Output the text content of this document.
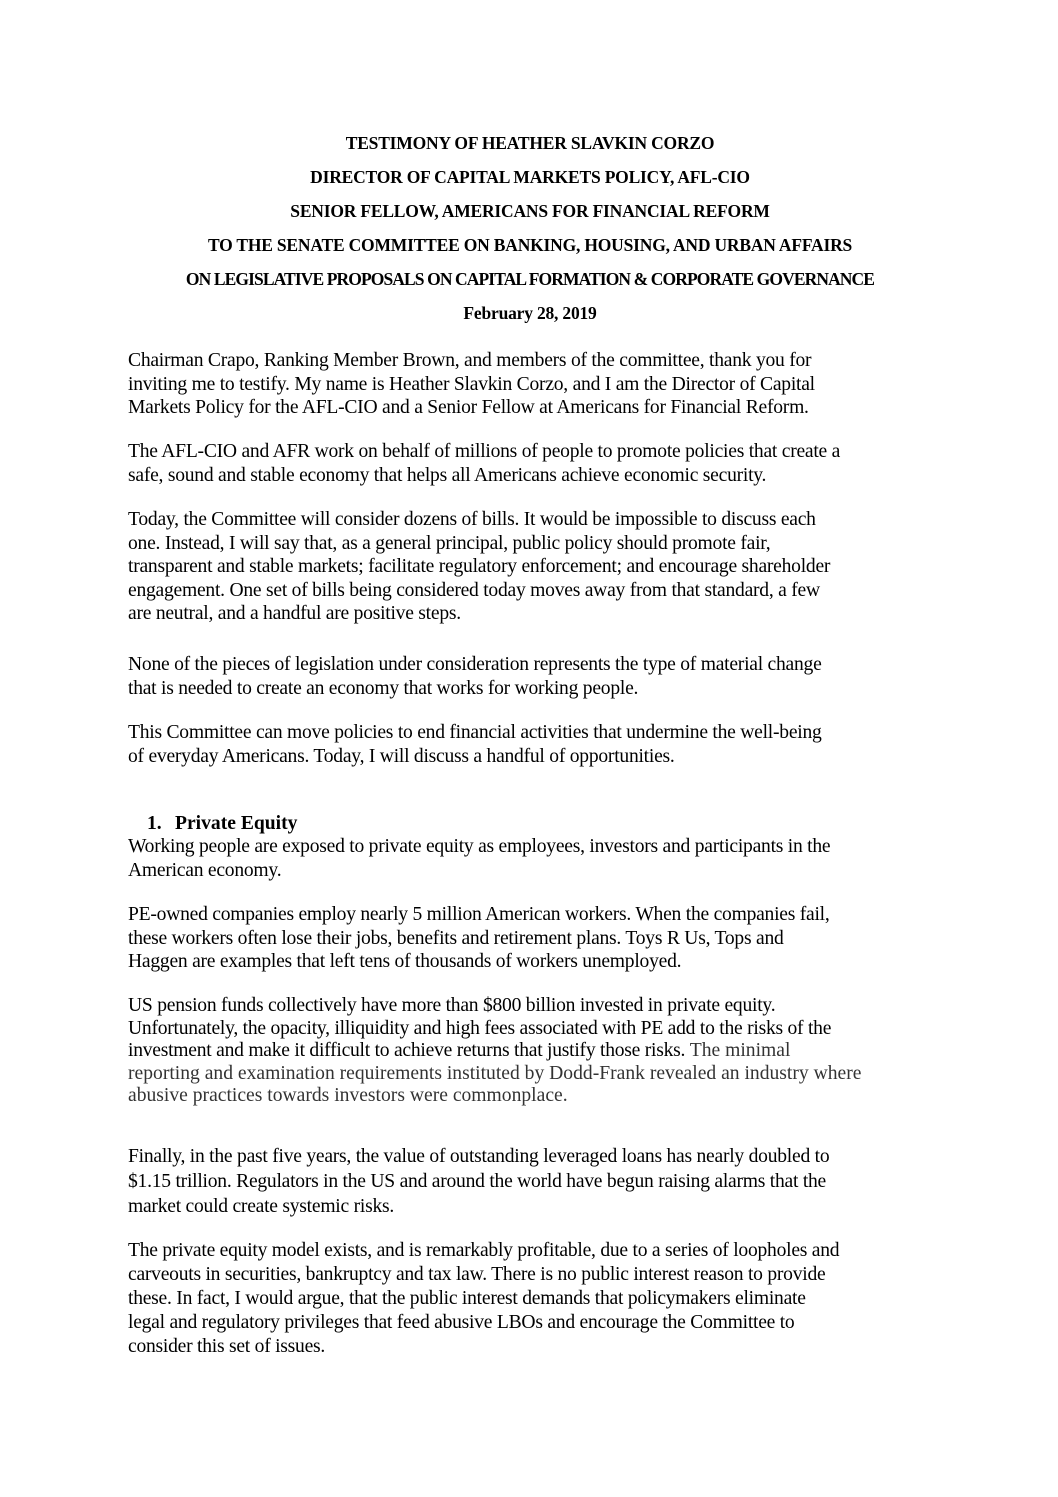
TESTIMONY OF HEATHER SLAVKIN CORZO
DIRECTOR OF CAPITAL MARKETS POLICY, AFL-CIO
SENIOR FELLOW, AMERICANS FOR FINANCIAL REFORM
TO THE SENATE COMMITTEE ON BANKING, HOUSING, AND URBAN AFFAIRS
ON LEGISLATIVE PROPOSALS ON CAPITAL FORMATION & CORPORATE GOVERNANCE
February 28, 2019
Chairman Crapo, Ranking Member Brown, and members of the committee, thank you for
inviting me to testify. My name is Heather Slavkin Corzo, and I am the Director of Capital
Markets Policy for the AFL-CIO and a Senior Fellow at Americans for Financial Reform.
The AFL-CIO and AFR work on behalf of millions of people to promote policies that create a
safe, sound and stable economy that helps all Americans achieve economic security.
Today, the Committee will consider dozens of bills. It would be impossible to discuss each
one. Instead, I will say that, as a general principal, public policy should promote fair,
transparent and stable markets; facilitate regulatory enforcement; and encourage shareholder
engagement. One set of bills being considered today moves away from that standard, a few
are neutral, and a handful are positive steps.
None of the pieces of legislation under consideration represents the type of material change
that is needed to create an economy that works for working people.
This Committee can move policies to end financial activities that undermine the well-being
of everyday Americans. Today, I will discuss a handful of opportunities.
1. Private Equity
Working people are exposed to private equity as employees, investors and participants in the
American economy.
PE-owned companies employ nearly 5 million American workers. When the companies fail,
these workers often lose their jobs, benefits and retirement plans. Toys R Us, Tops and
Haggen are examples that left tens of thousands of workers unemployed.
US pension funds collectively have more than $800 billion invested in private equity.
Unfortunately, the opacity, illiquidity and high fees associated with PE add to the risks of the
investment and make it difficult to achieve returns that justify those risks. The minimal
reporting and examination requirements instituted by Dodd-Frank revealed an industry where
abusive practices towards investors were commonplace.
Finally, in the past five years, the value of outstanding leveraged loans has nearly doubled to
$1.15 trillion. Regulators in the US and around the world have begun raising alarms that the
market could create systemic risks.
The private equity model exists, and is remarkably profitable, due to a series of loopholes and
carveouts in securities, bankruptcy and tax law. There is no public interest reason to provide
these. In fact, I would argue, that the public interest demands that policymakers eliminate
legal and regulatory privileges that feed abusive LBOs and encourage the Committee to
consider this set of issues.
